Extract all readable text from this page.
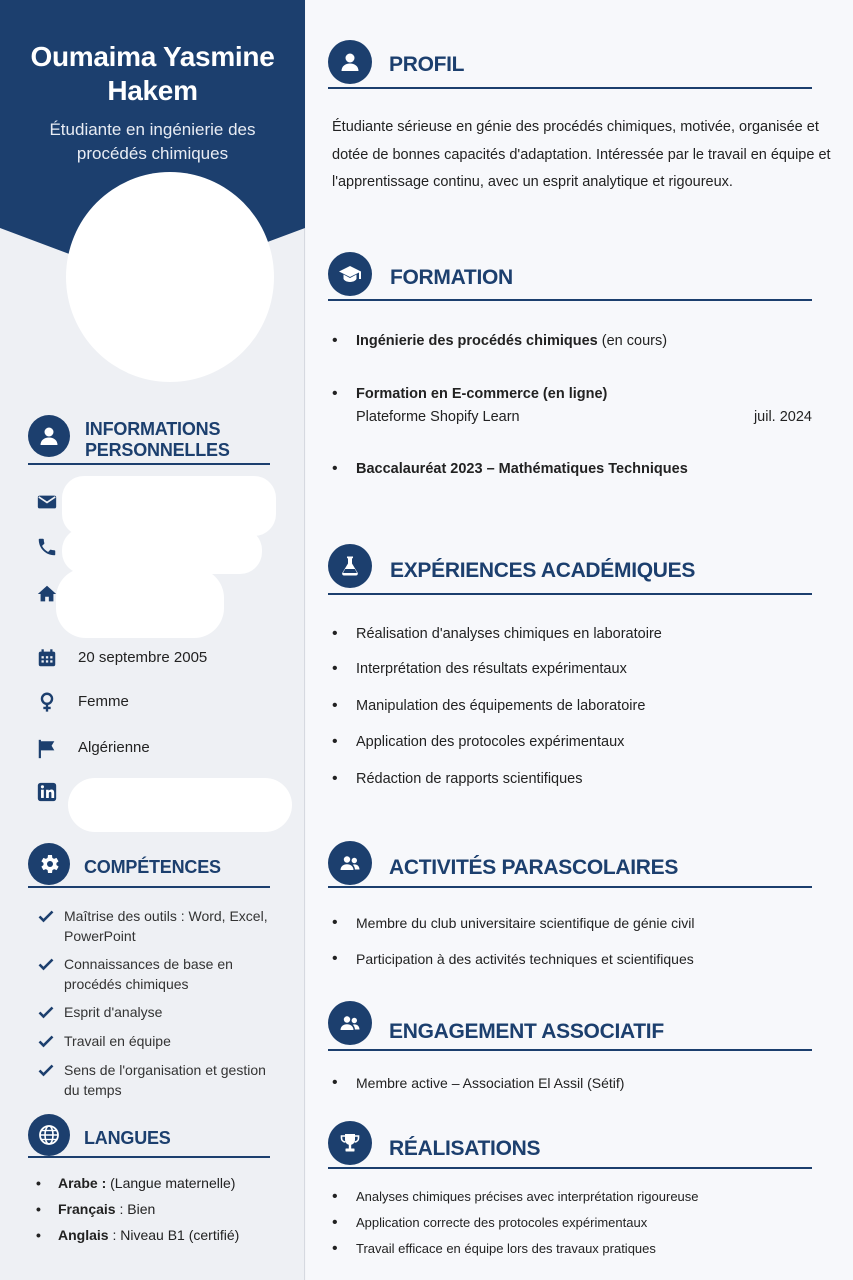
Oumaima Yasmine Hakem
Étudiante en ingénierie des procédés chimiques
INFORMATIONS PERSONNELLES
20 septembre 2005
Femme
Algérienne
COMPÉTENCES
Maîtrise des outils : Word, Excel, PowerPoint
Connaissances de base en procédés chimiques
Esprit d'analyse
Travail en équipe
Sens de l'organisation et gestion du temps
LANGUES
• Arabe : (Langue maternelle)
• Français : Bien
• Anglais : Niveau B1 (certifié)
PROFIL
Étudiante sérieuse en génie des procédés chimiques, motivée, organisée et dotée de bonnes capacités d'adaptation. Intéressée par le travail en équipe et l'apprentissage continu, avec un esprit analytique et rigoureux.
FORMATION
• Ingénierie des procédés chimiques (en cours)
• Formation en E-commerce (en ligne)
Plateforme Shopify Learn	juil. 2024
• Baccalauréat 2023 – Mathématiques Techniques
EXPÉRIENCES ACADÉMIQUES
• Réalisation d'analyses chimiques en laboratoire
• Interprétation des résultats expérimentaux
• Manipulation des équipements de laboratoire
• Application des protocoles expérimentaux
• Rédaction de rapports scientifiques
ACTIVITÉS PARASCOLAIRES
• Membre du club universitaire scientifique de génie civil
• Participation à des activités techniques et scientifiques
ENGAGEMENT ASSOCIATIF
• Membre active – Association El Assil (Sétif)
RÉALISATIONS
• Analyses chimiques précises avec interprétation rigoureuse
• Application correcte des protocoles expérimentaux
• Travail efficace en équipe lors des travaux pratiques
